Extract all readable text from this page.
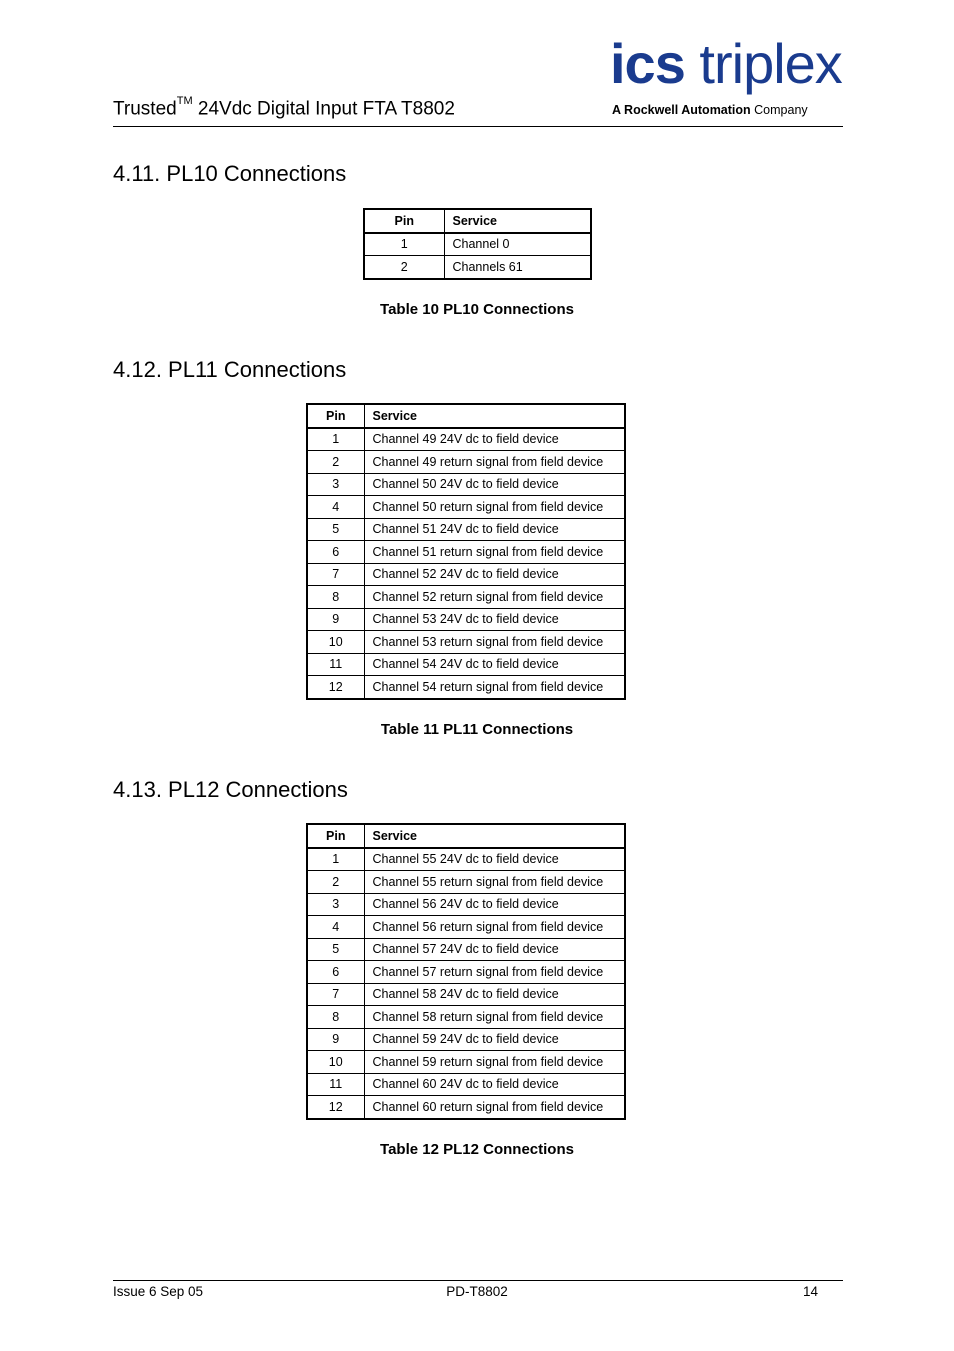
Trusted™ 24Vdc Digital Input FTA T8802
ics triplex
A Rockwell Automation Company
4.11. PL10 Connections
Pin	Service
1	Channel 0
2	Channels 61
Table 10 PL10 Connections
4.12. PL11 Connections
Pin	Service
1	Channel 49 24V dc to field device
2	Channel 49 return signal from field device
3	Channel 50 24V dc to field device
4	Channel 50 return signal from field device
5	Channel 51 24V dc to field device
6	Channel 51 return signal from field device
7	Channel 52 24V dc to field device
8	Channel 52 return signal from field device
9	Channel 53 24V dc to field device
10	Channel 53 return signal from field device
11	Channel 54 24V dc to field device
12	Channel 54 return signal from field device
Table 11 PL11 Connections
4.13. PL12 Connections
Pin	Service
1	Channel 55 24V dc to field device
2	Channel 55 return signal from field device
3	Channel 56 24V dc to field device
4	Channel 56 return signal from field device
5	Channel 57 24V dc to field device
6	Channel 57 return signal from field device
7	Channel 58 24V dc to field device
8	Channel 58 return signal from field device
9	Channel 59 24V dc to field device
10	Channel 59 return signal from field device
11	Channel 60 24V dc to field device
12	Channel 60 return signal from field device
Table 12 PL12 Connections
Issue 6 Sep 05	PD-T8802	14
